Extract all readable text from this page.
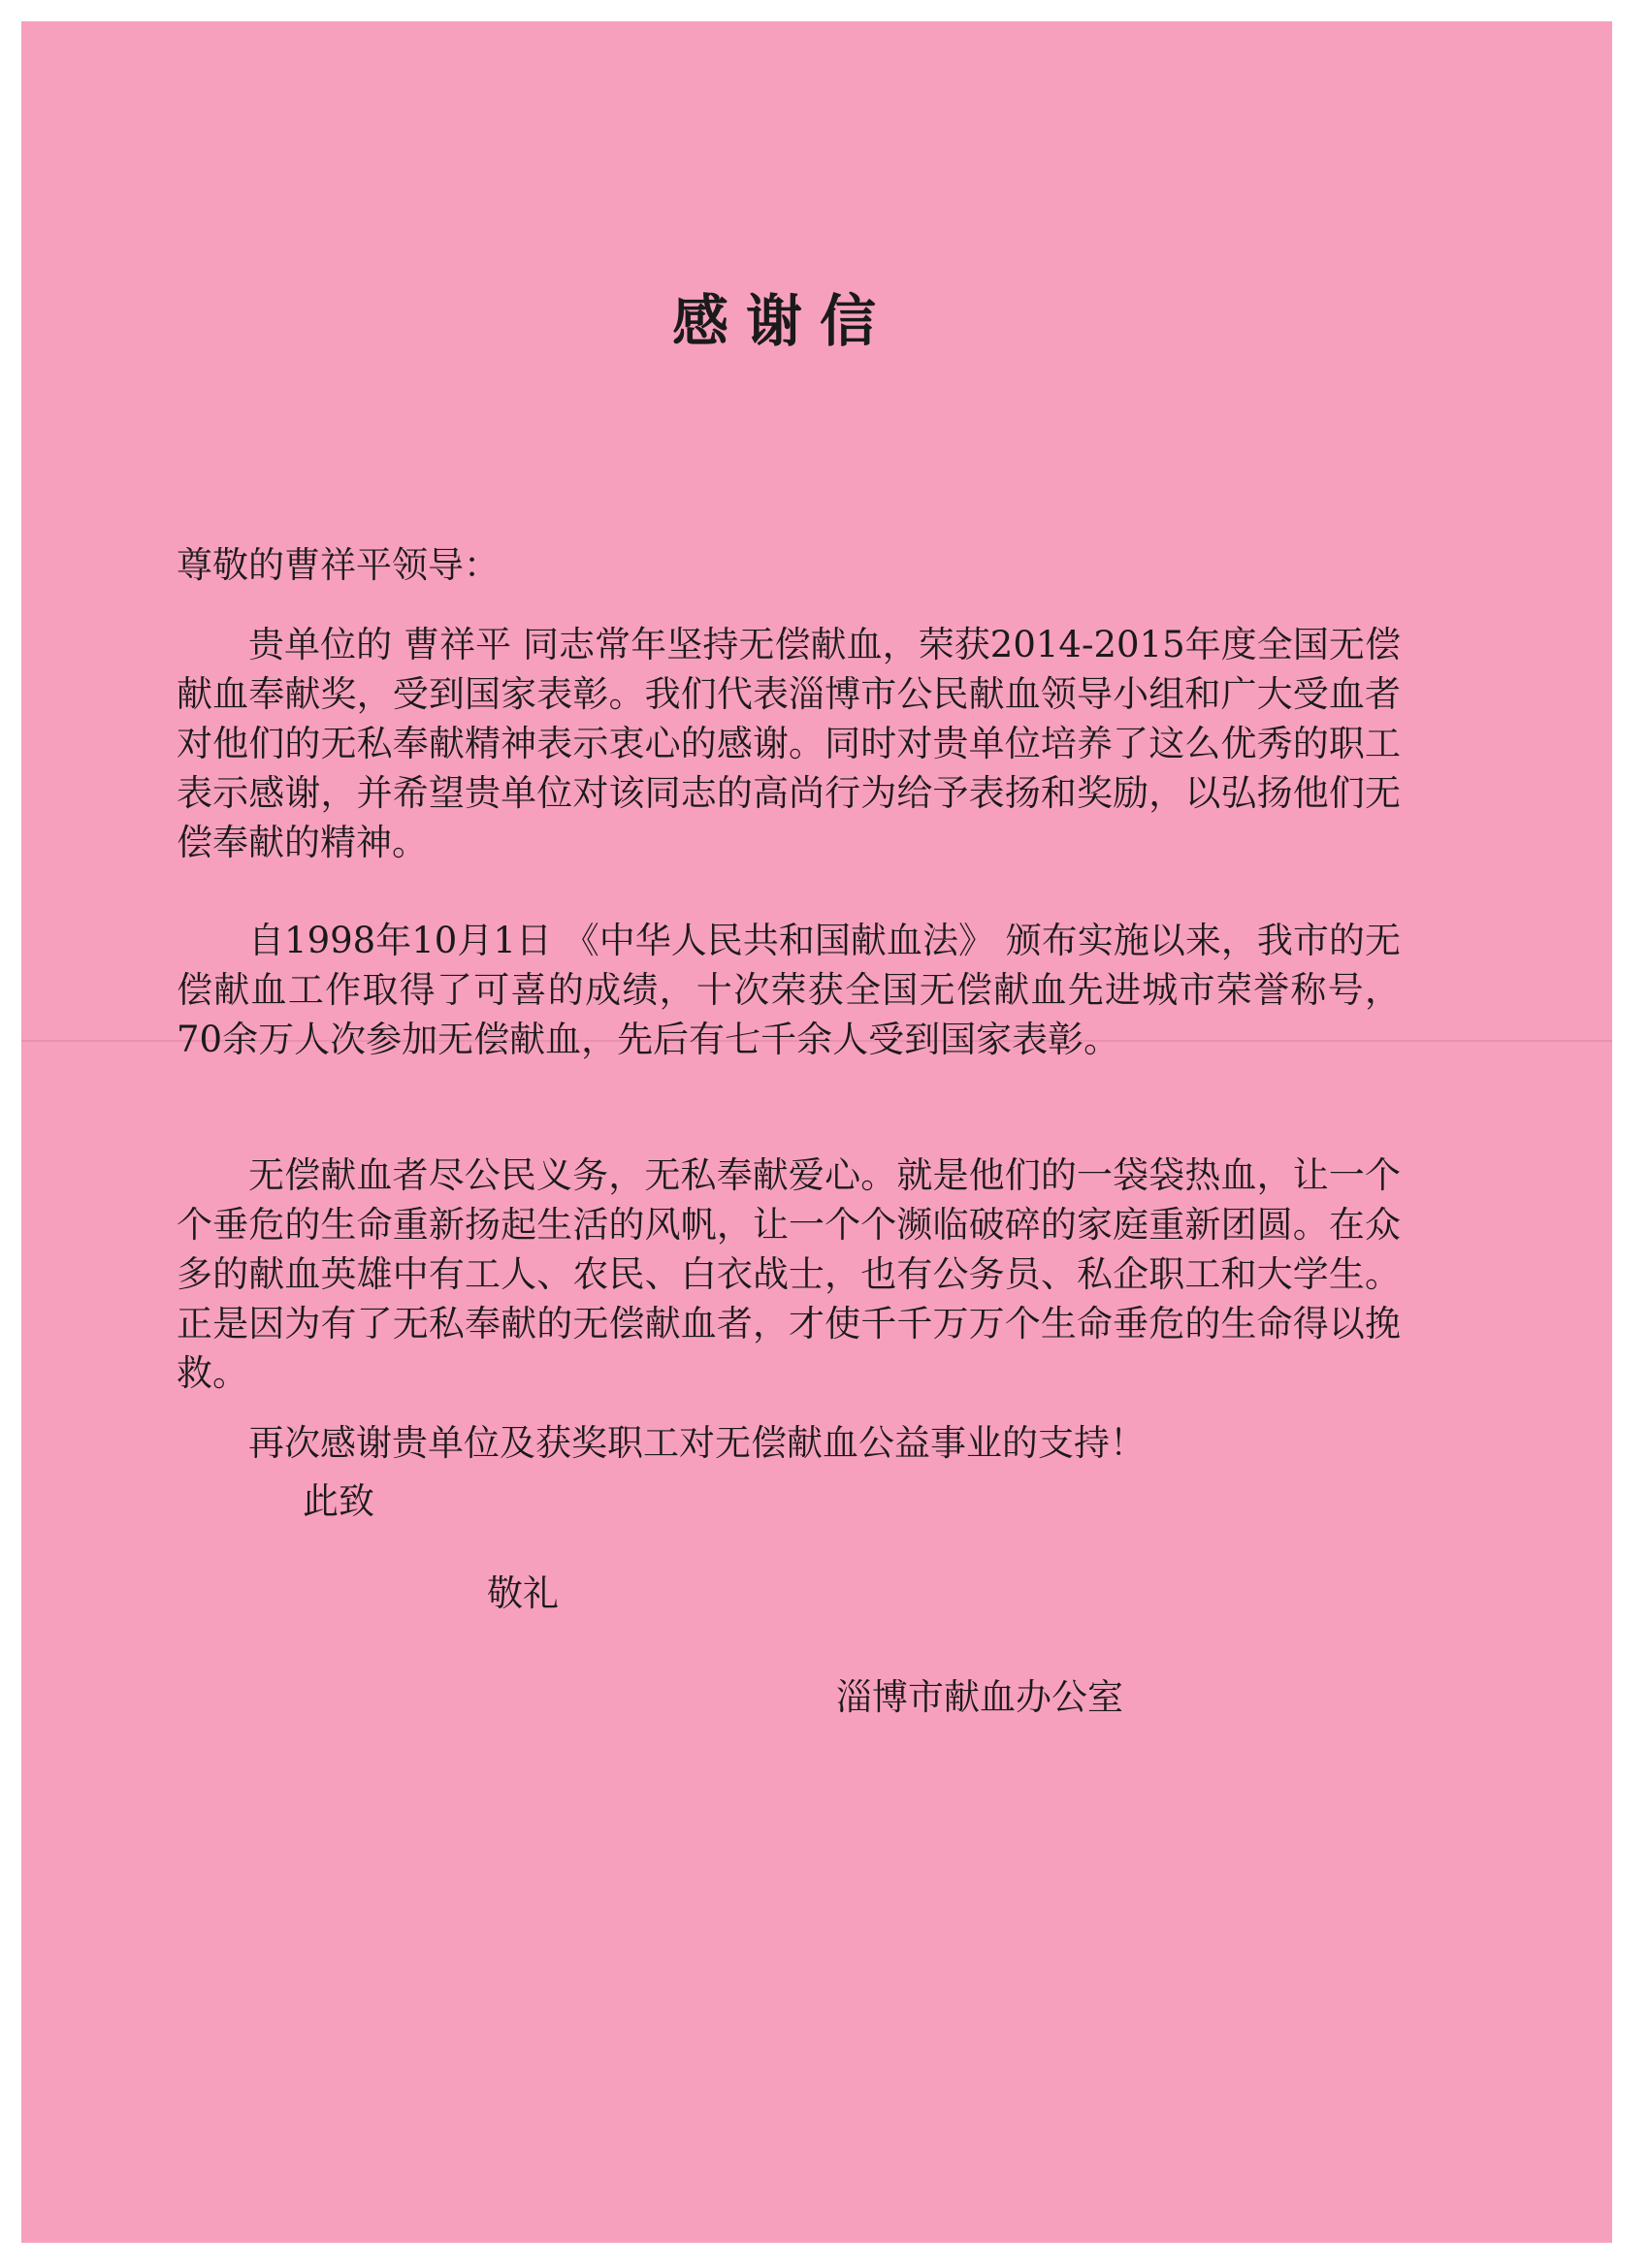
感谢信

尊敬的曹祥平领导：

贵单位的 曹祥平 同志常年坚持无偿献血，荣获2014-2015年度全国无偿献血奉献奖，受到国家表彰。我们代表淄博市公民献血领导小组和广大受血者对他们的无私奉献精神表示衷心的感谢。同时对贵单位培养了这么优秀的职工表示感谢，并希望贵单位对该同志的高尚行为给予表扬和奖励，以弘扬他们无偿奉献的精神。

自1998年10月1日 《中华人民共和国献血法》 颁布实施以来，我市的无偿献血工作取得了可喜的成绩，十次荣获全国无偿献血先进城市荣誉称号，70余万人次参加无偿献血，先后有七千余人受到国家表彰。

无偿献血者尽公民义务，无私奉献爱心。就是他们的一袋袋热血，让一个个垂危的生命重新扬起生活的风帆，让一个个濒临破碎的家庭重新团圆。在众多的献血英雄中有工人、农民、白衣战士，也有公务员、私企职工和大学生。正是因为有了无私奉献的无偿献血者，才使千千万万个生命垂危的生命得以挽救。

再次感谢贵单位及获奖职工对无偿献血公益事业的支持！

此致

敬礼

淄博市献血办公室
